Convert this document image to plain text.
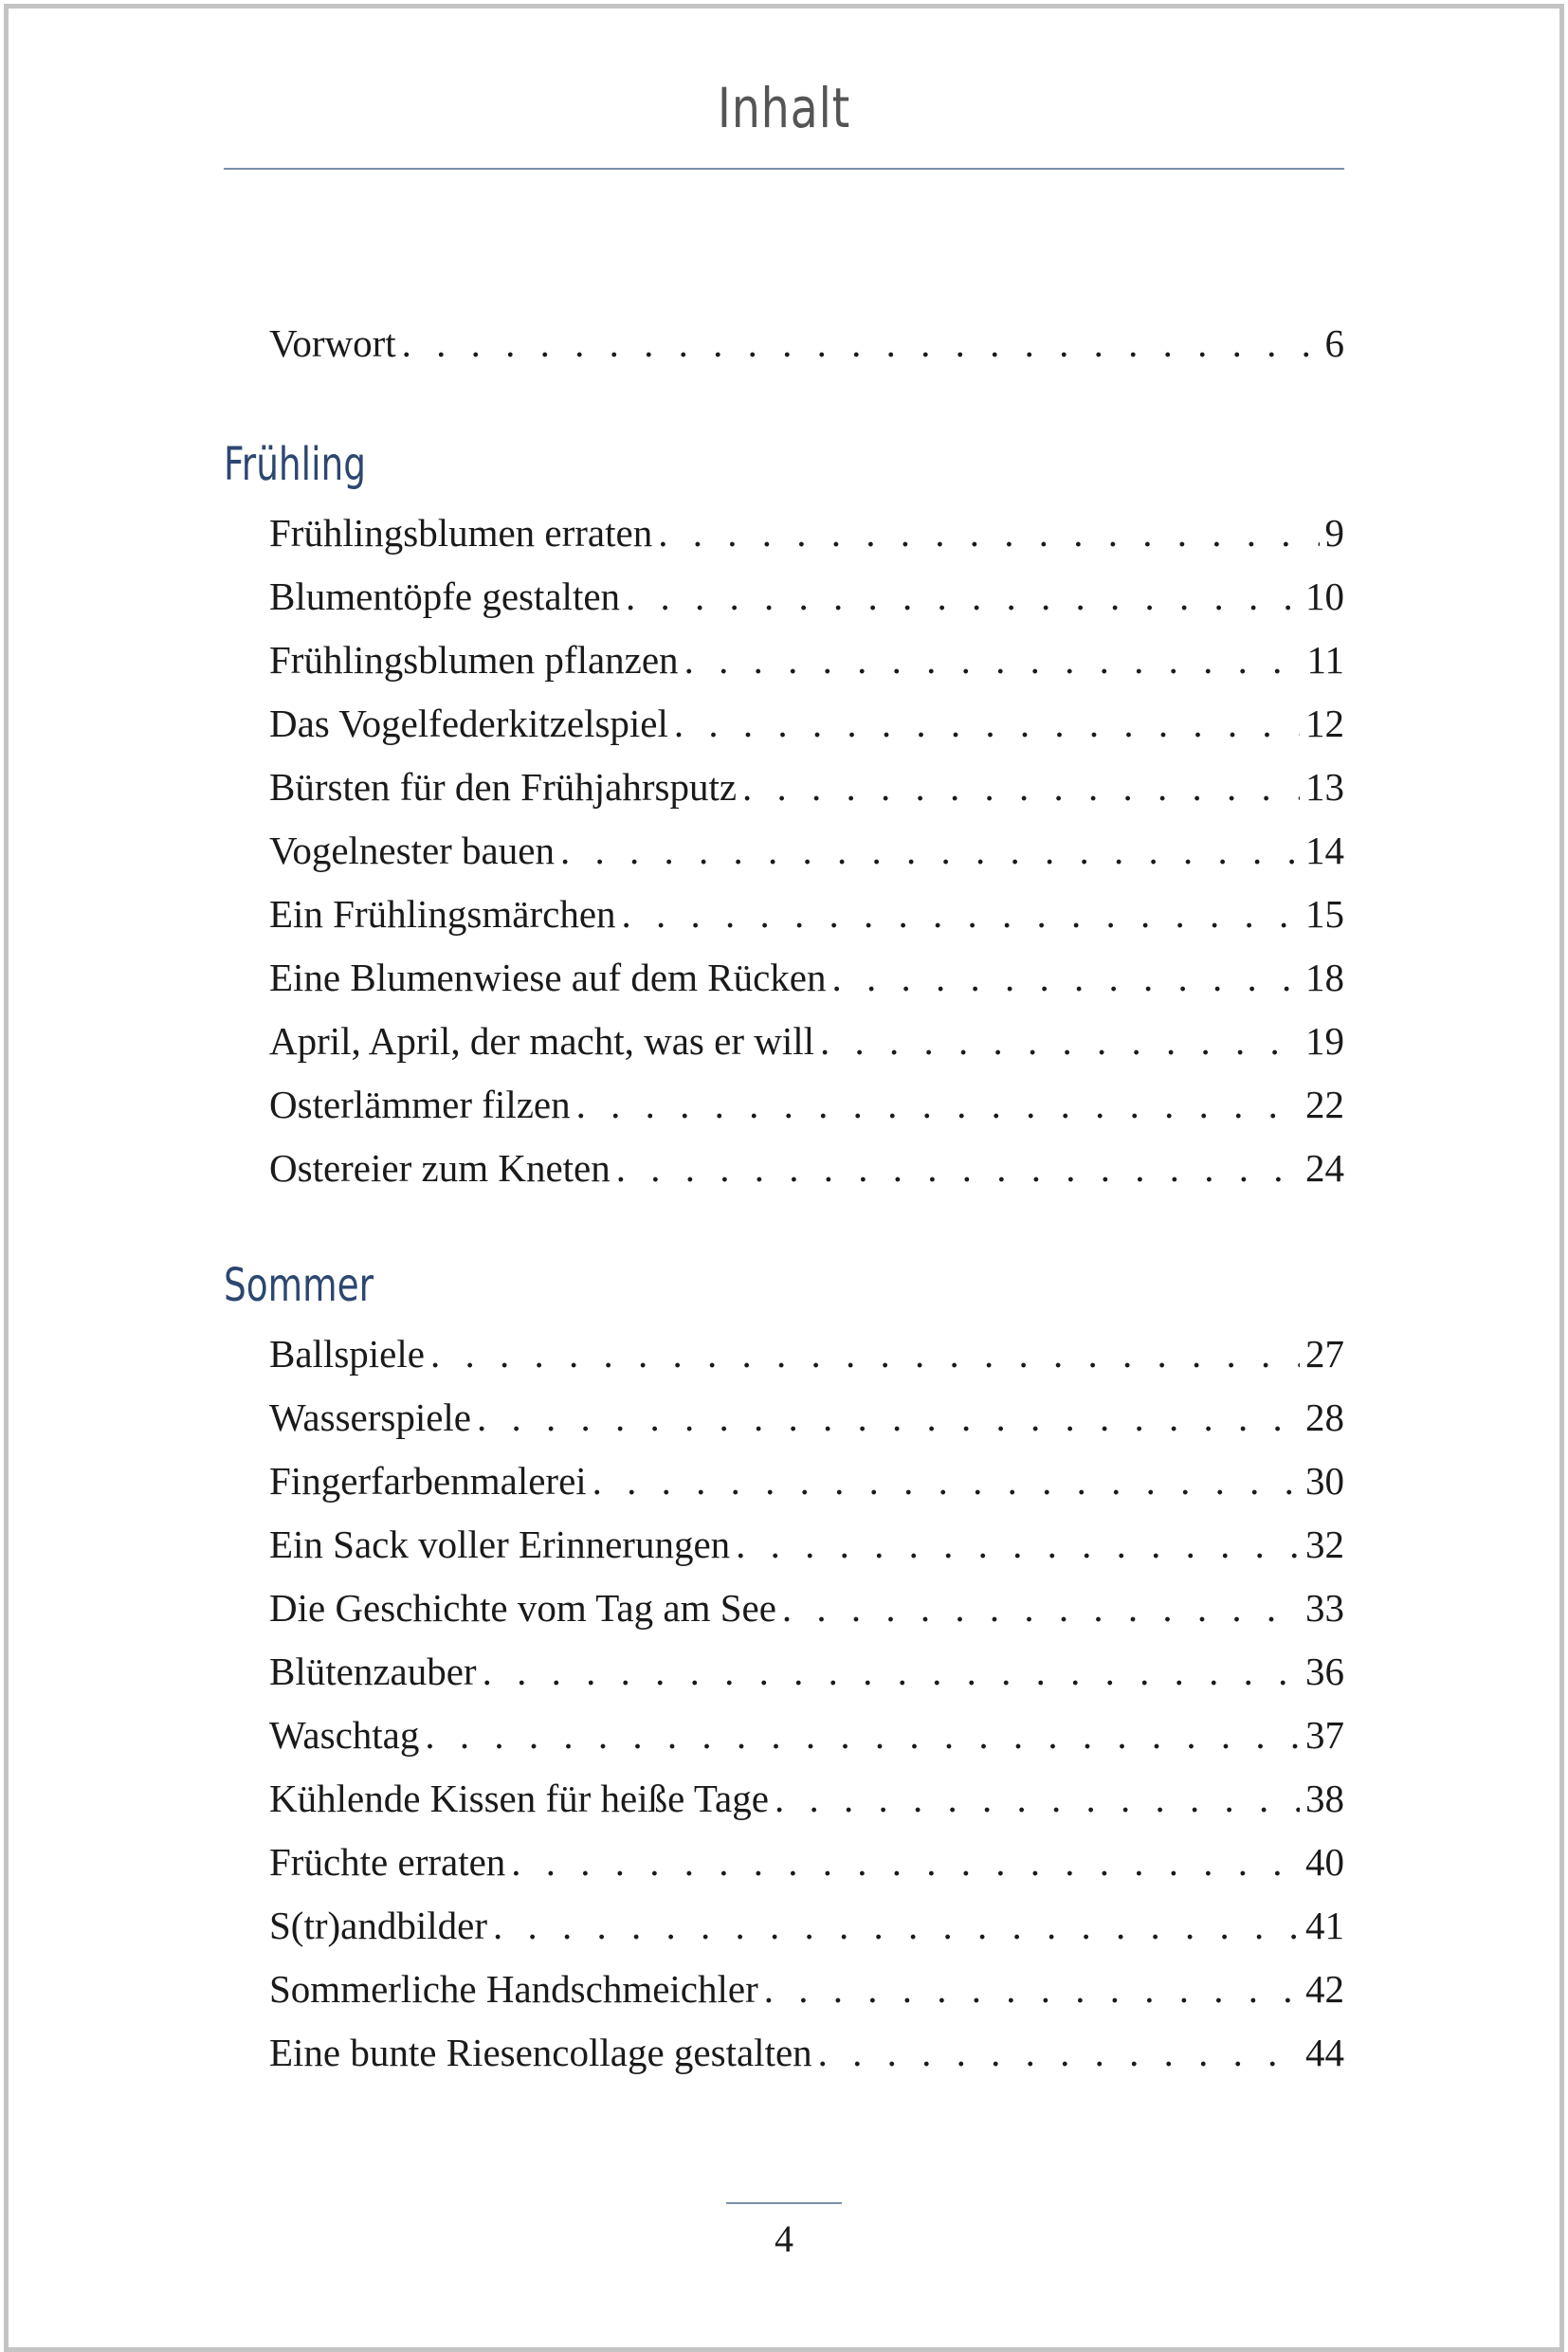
Inhalt
Vorwort . . .	6
Frühling
Frühlingsblumen erraten . . .	9
Blumentöpfe gestalten . . .	10
Frühlingsblumen pflanzen . . .	11
Das Vogelfederkitzelspiel . . .	12
Bürsten für den Frühjahrsputz . . .	13
Vogelnester bauen . . .	14
Ein Frühlingsmärchen . . .	15
Eine Blumenwiese auf dem Rücken . . .	18
April, April, der macht, was er will . . .	19
Osterlämmer filzen . . .	22
Ostereier zum Kneten . . .	24
Sommer
Ballspiele . . .	27
Wasserspiele . . .	28
Fingerfarbenmalerei . . .	30
Ein Sack voller Erinnerungen . . .	32
Die Geschichte vom Tag am See . . .	33
Blütenzauber . . .	36
Waschtag . . .	37
Kühlende Kissen für heiße Tage . . .	38
Früchte erraten . . .	40
S(tr)andbilder . . .	41
Sommerliche Handschmeichler . . .	42
Eine bunte Riesencollage gestalten . . .	44
4
